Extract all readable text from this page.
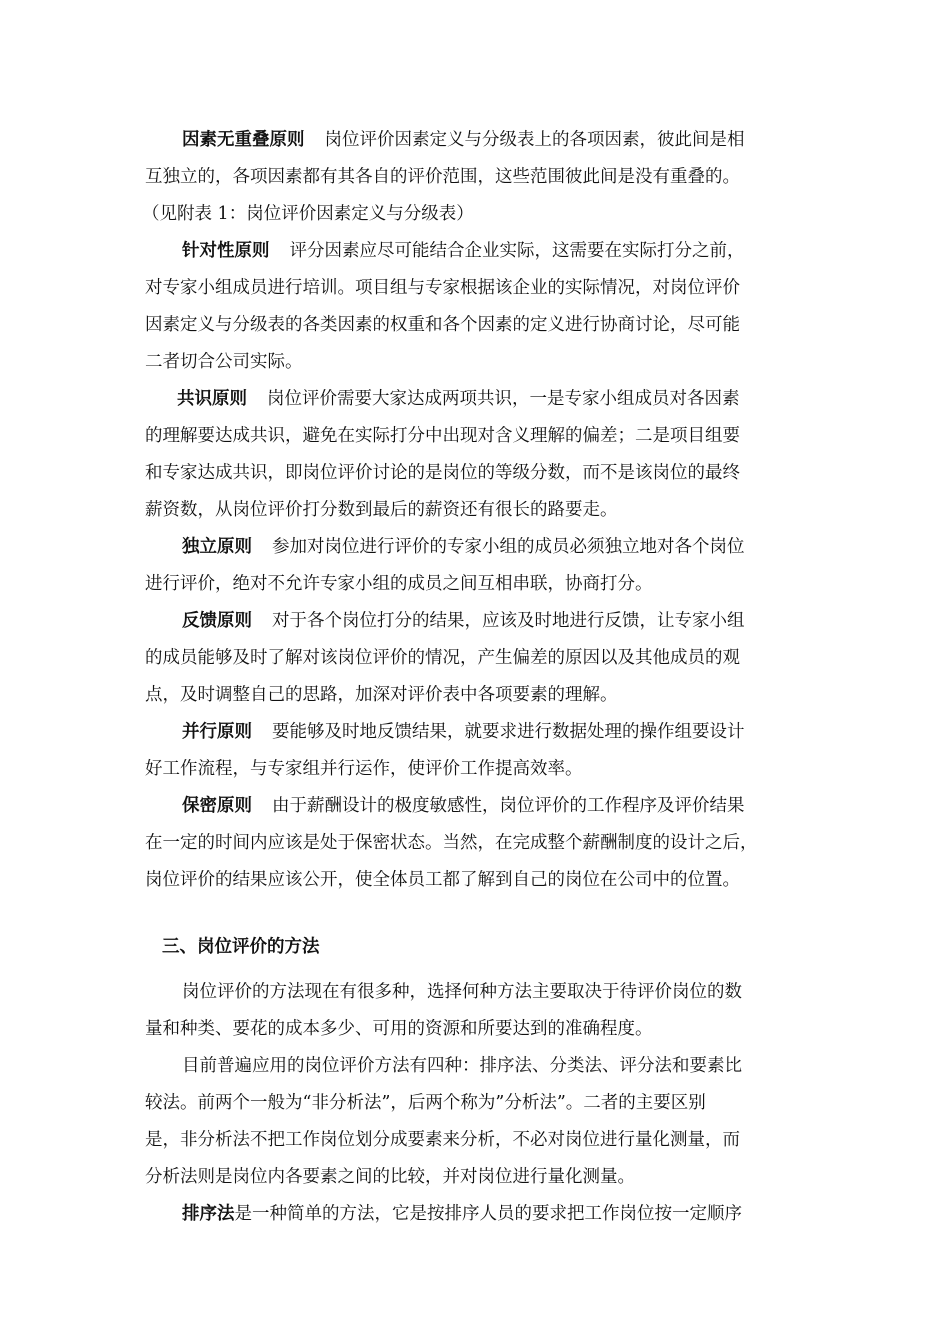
因素无重叠原则 岗位评价因素定义与分级表上的各项因素，彼此间是相
互独立的，各项因素都有其各自的评价范围，这些范围彼此间是没有重叠的。
（见附表 1：岗位评价因素定义与分级表）
针对性原则 评分因素应尽可能结合企业实际，这需要在实际打分之前，
对专家小组成员进行培训。项目组与专家根据该企业的实际情况，对岗位评价
因素定义与分级表的各类因素的权重和各个因素的定义进行协商讨论，尽可能
二者切合公司实际。
共识原则 岗位评价需要大家达成两项共识，一是专家小组成员对各因素
的理解要达成共识，避免在实际打分中出现对含义理解的偏差；二是项目组要
和专家达成共识，即岗位评价讨论的是岗位的等级分数，而不是该岗位的最终
薪资数，从岗位评价打分数到最后的薪资还有很长的路要走。
独立原则 参加对岗位进行评价的专家小组的成员必须独立地对各个岗位
进行评价，绝对不允许专家小组的成员之间互相串联，协商打分。
反馈原则 对于各个岗位打分的结果，应该及时地进行反馈，让专家小组
的成员能够及时了解对该岗位评价的情况，产生偏差的原因以及其他成员的观
点，及时调整自己的思路，加深对评价表中各项要素的理解。
并行原则 要能够及时地反馈结果，就要求进行数据处理的操作组要设计
好工作流程，与专家组并行运作，使评价工作提高效率。
保密原则 由于薪酬设计的极度敏感性，岗位评价的工作程序及评价结果
在一定的时间内应该是处于保密状态。当然，在完成整个薪酬制度的设计之后，
岗位评价的结果应该公开，使全体员工都了解到自己的岗位在公司中的位置。
三、岗位评价的方法
岗位评价的方法现在有很多种，选择何种方法主要取决于待评价岗位的数
量和种类、要花的成本多少、可用的资源和所要达到的准确程度。
目前普遍应用的岗位评价方法有四种：排序法、分类法、评分法和要素比
较法。前两个一般为“非分析法”，后两个称为”分析法”。二者的主要区别
是，非分析法不把工作岗位划分成要素来分析，不必对岗位进行量化测量，而
分析法则是岗位内各要素之间的比较，并对岗位进行量化测量。
排序法是一种简单的方法，它是按排序人员的要求把工作岗位按一定顺序
